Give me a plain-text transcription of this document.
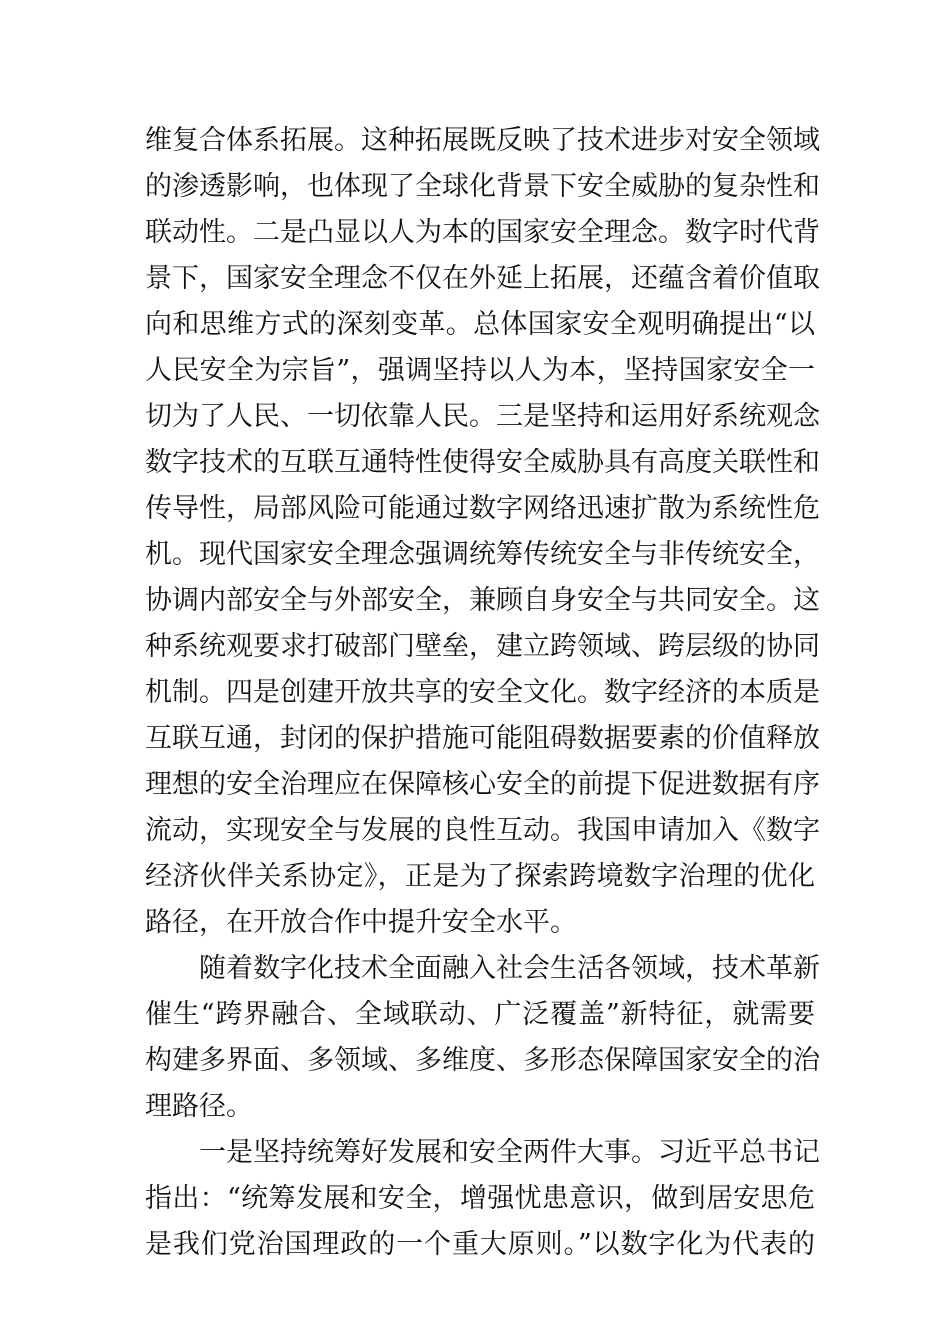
维复合体系拓展。这种拓展既反映了技术进步对安全领域
的渗透影响，也体现了全球化背景下安全威胁的复杂性和
联动性。二是凸显以人为本的国家安全理念。数字时代背
景下，国家安全理念不仅在外延上拓展，还蕴含着价值取
向和思维方式的深刻变革。总体国家安全观明确提出“以
人民安全为宗旨”，强调坚持以人为本，坚持国家安全一
切为了人民、一切依靠人民。三是坚持和运用好系统观念
数字技术的互联互通特性使得安全威胁具有高度关联性和
传导性，局部风险可能通过数字网络迅速扩散为系统性危
机。现代国家安全理念强调统筹传统安全与非传统安全，
协调内部安全与外部安全，兼顾自身安全与共同安全。这
种系统观要求打破部门壁垒，建立跨领域、跨层级的协同
机制。四是创建开放共享的安全文化。数字经济的本质是
互联互通，封闭的保护措施可能阻碍数据要素的价值释放
理想的安全治理应在保障核心安全的前提下促进数据有序
流动，实现安全与发展的良性互动。我国申请加入《数字
经济伙伴关系协定》，正是为了探索跨境数字治理的优化
路径，在开放合作中提升安全水平。

　　随着数字化技术全面融入社会生活各领域，技术革新
催生“跨界融合、全域联动、广泛覆盖”新特征，就需要
构建多界面、多领域、多维度、多形态保障国家安全的治
理路径。

　　一是坚持统筹好发展和安全两件大事。习近平总书记
指出：“统筹发展和安全，增强忧患意识，做到居安思危
是我们党治国理政的一个重大原则。”以数字化为代表的
